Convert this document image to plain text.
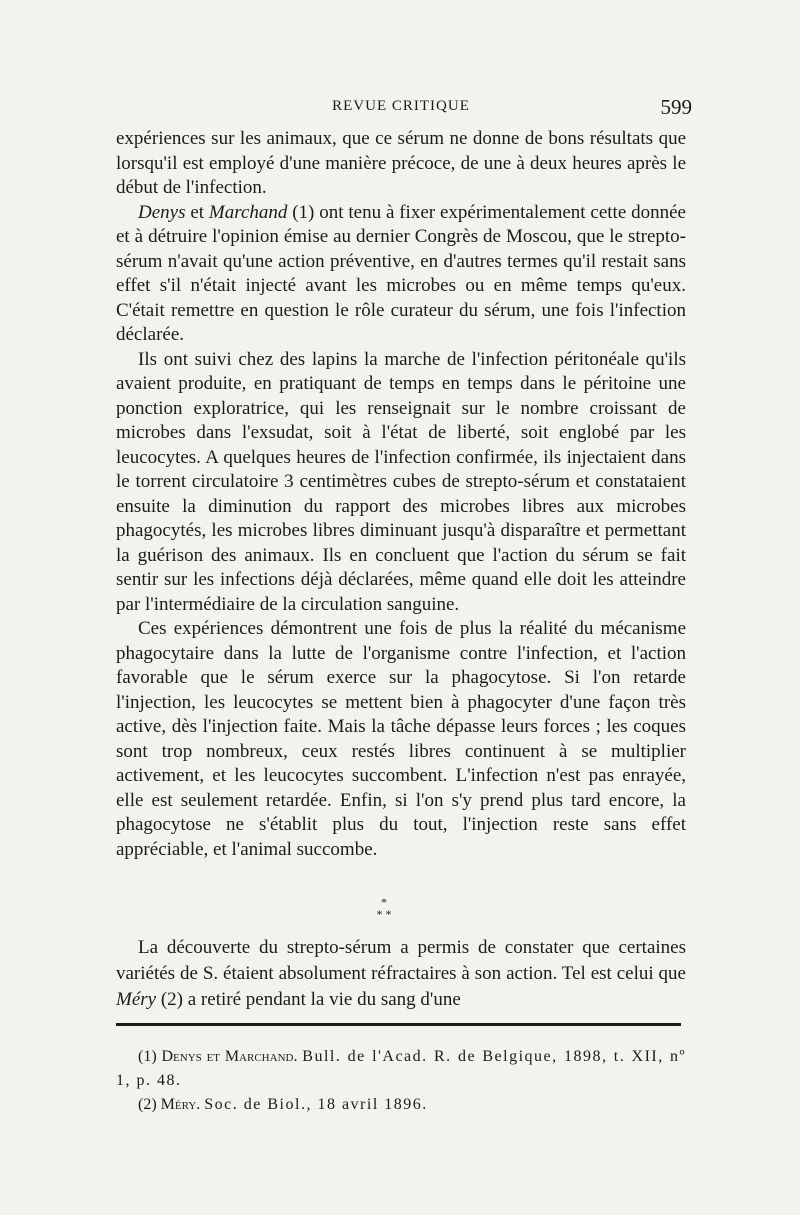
REVUE CRITIQUE	599

expériences sur les animaux, que ce sérum ne donne de bons résultats que lorsqu'il est employé d'une manière précoce, de une à deux heures après le début de l'infection.

Denys et Marchand (1) ont tenu à fixer expérimentalement cette donnée et à détruire l'opinion émise au dernier Congrès de Moscou, que le strepto-sérum n'avait qu'une action préventive, en d'autres termes qu'il restait sans effet s'il n'était injecté avant les microbes ou en même temps qu'eux. C'était remettre en question le rôle curateur du sérum, une fois l'infection déclarée.

Ils ont suivi chez des lapins la marche de l'infection péritonéale qu'ils avaient produite, en pratiquant de temps en temps dans le péritoine une ponction exploratrice, qui les renseignait sur le nombre croissant de microbes dans l'exsudat, soit à l'état de liberté, soit englobé par les leucocytes. A quelques heures de l'infection confirmée, ils injectaient dans le torrent circulatoire 3 centimètres cubes de strepto-sérum et constataient ensuite la diminution du rapport des microbes libres aux microbes phagocytés, les microbes libres diminuant jusqu'à disparaître et permettant la guérison des animaux. Ils en concluent que l'action du sérum se fait sentir sur les infections déjà déclarées, même quand elle doit les atteindre par l'intermédiaire de la circulation sanguine.

Ces expériences démontrent une fois de plus la réalité du mécanisme phagocytaire dans la lutte de l'organisme contre l'infection, et l'action favorable que le sérum exerce sur la phagocytose. Si l'on retarde l'injection, les leucocytes se mettent bien à phagocyter d'une façon très active, dès l'injection faite. Mais la tâche dépasse leurs forces ; les coques sont trop nombreux, ceux restés libres continuent à se multiplier activement, et les leucocytes succombent. L'infection n'est pas enrayée, elle est seulement retardée. Enfin, si l'on s'y prend plus tard encore, la phagocytose ne s'établit plus du tout, l'injection reste sans effet appréciable, et l'animal succombe.

*
* *

La découverte du strepto-sérum a permis de constater que certaines variétés de S. étaient absolument réfractaires à son action. Tel est celui que Méry (2) a retiré pendant la vie du sang d'une

(1) Denys et Marchand. Bull. de l'Acad. R. de Belgique, 1898, t. XII, nº 1, p. 48.

(2) Méry. Soc. de Biol., 18 avril 1896.
